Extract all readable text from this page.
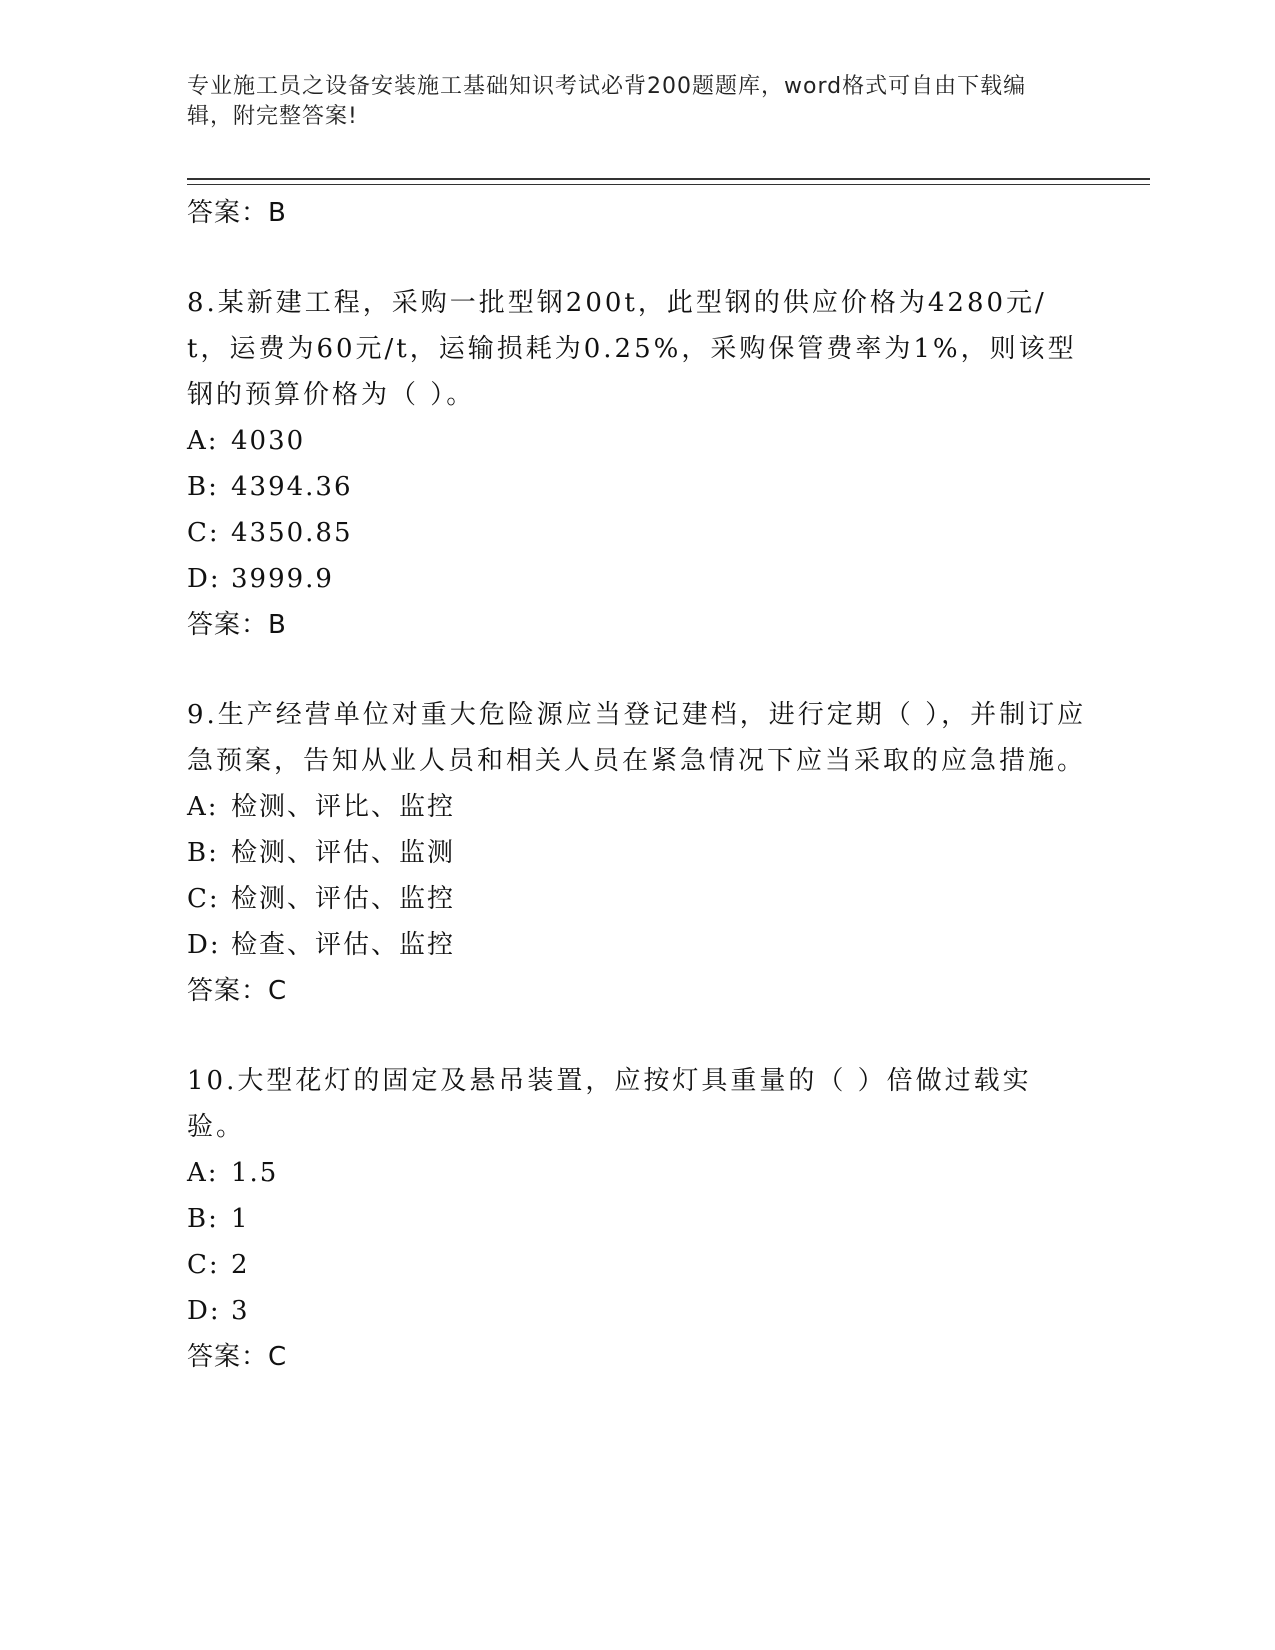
专业施工员之设备安装施工基础知识考试必背200题题库，word格式可自由下载编辑，附完整答案!
答案：B
8.某新建工程，采购一批型钢200t，此型钢的供应价格为4280元/t，运费为60元/t，运输损耗为0.25%，采购保管费率为1%，则该型钢的预算价格为（ ）。
A: 4030
B: 4394.36
C: 4350.85
D: 3999.9
答案：B
9.生产经营单位对重大危险源应当登记建档，进行定期（ ），并制订应急预案，告知从业人员和相关人员在紧急情况下应当采取的应急措施。
A: 检测、评比、监控
B: 检测、评估、监测
C: 检测、评估、监控
D: 检查、评估、监控
答案：C
10.大型花灯的固定及悬吊装置，应按灯具重量的（ ）倍做过载实验。
A: 1.5
B: 1
C: 2
D: 3
答案：C
